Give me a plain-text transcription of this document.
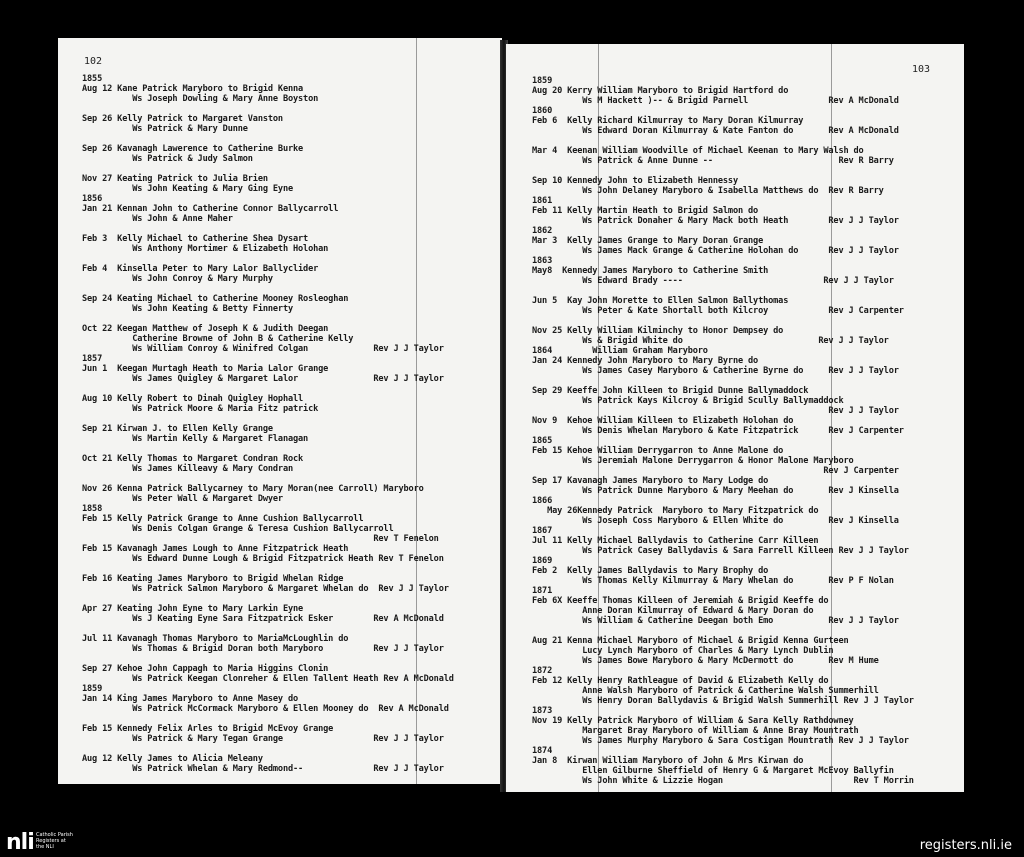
102
1855
Aug 12 Kane Patrick Maryboro to Brigid Kenna
Ws Joseph Dowling & Mary Anne Boyston
Sep 26 Kelly Patrick to Margaret Vanston
Ws Patrick & Mary Dunne
Sep 26 Kavanagh Lawerence to Catherine Burke
Ws Patrick & Judy Salmon
Nov 27 Keating Patrick to Julia Brien
Ws John Keating & Mary Ging Eyne
1856
Jan 21 Kennan John to Catherine Connor Ballycarroll
Ws John & Anne Maher
Feb 3  Kelly Michael to Catherine Shea Dysart
Ws Anthony Mortimer & Elizabeth Holohan
Feb 4  Kinsella Peter to Mary Lalor Ballyclider
Ws John Conroy & Mary Murphy
Sep 24 Keating Michael to Catherine Mooney Rosleoghan
Ws John Keating & Betty Finnerty
Oct 22 Keegan Matthew of Joseph K & Judith Deegan
Catherine Browne of John B & Catherine Kelly
Ws William Conroy & Winifred Colgan             Rev J J Taylor
1857
Jun 1  Keegan Murtagh Heath to Maria Lalor Grange
Ws James Quigley & Margaret Lalor               Rev J J Taylor
Aug 10 Kelly Robert to Dinah Quigley Hophall
Ws Patrick Moore & Maria Fitz patrick
Sep 21 Kirwan J. to Ellen Kelly Grange
Ws Martin Kelly & Margaret Flanagan
Oct 21 Kelly Thomas to Margaret Condran Rock
Ws James Killeavy & Mary Condran
Nov 26 Kenna Patrick Ballycarney to Mary Moran(nee Carroll) Maryboro
Ws Peter Wall & Margaret Dwyer
1858
Feb 15 Kelly Patrick Grange to Anne Cushion Ballycarroll
Ws Denis Colgan Grange & Teresa Cushion Ballycarroll
Rev T Fenelon
Feb 15 Kavanagh James Lough to Anne Fitzpatrick Heath
Ws Edward Dunne Lough & Brigid Fitzpatrick Heath Rev T Fenelon
Feb 16 Keating James Maryboro to Brigid Whelan Ridge
Ws Patrick Salmon Maryboro & Margaret Whelan do  Rev J J Taylor
Apr 27 Keating John Eyne to Mary Larkin Eyne
Ws J Keating Eyne Sara Fitzpatrick Esker        Rev A McDonald
Jul 11 Kavanagh Thomas Maryboro to MariaMcLoughlin do
Ws Thomas & Brigid Doran both Maryboro          Rev J J Taylor
Sep 27 Kehoe John Cappagh to Maria Higgins Clonin
Ws Patrick Keegan Clonreher & Ellen Tallent Heath Rev A McDonald
1859
Jan 14 King James Maryboro to Anne Masey do
Ws Patrick McCormack Maryboro & Ellen Mooney do  Rev A McDonald
Feb 15 Kennedy Felix Arles to Brigid McEvoy Grange
Ws Patrick & Mary Tegan Grange                  Rev J J Taylor
Aug 12 Kelly James to Alicia Meleany
Ws Patrick Whelan & Mary Redmond--              Rev J J Taylor
103
1859
Aug 20 Kerry William Maryboro to Brigid Hartford do
Ws M Hackett )-- & Brigid Parnell                Rev A McDonald
1860
Feb 6  Kelly Richard Kilmurray to Mary Doran Kilmurray
Ws Edward Doran Kilmurray & Kate Fanton do       Rev A McDonald
Mar 4  Keenan William Woodville of Michael Keenan to Mary Walsh do
Ws Patrick & Anne Dunne --                         Rev R Barry
Sep 10 Kennedy John to Elizabeth Hennessy
Ws John Delaney Maryboro & Isabella Matthews do  Rev R Barry
1861
Feb 11 Kelly Martin Heath to Brigid Salmon do
Ws Patrick Donaher & Mary Mack both Heath        Rev J J Taylor
1862
Mar 3  Kelly James Grange to Mary Doran Grange
Ws James Mack Grange & Catherine Holohan do      Rev J J Taylor
1863
May8  Kennedy James Maryboro to Catherine Smith
Ws Edward Brady ----                            Rev J J Taylor
Jun 5  Kay John Morette to Ellen Salmon Ballythomas
Ws Peter & Kate Shortall both Kilcroy            Rev J Carpenter
Nov 25 Kelly William Kilminchy to Honor Dempsey do
Ws & Brigid White do                           Rev J J Taylor
1864        William Graham Maryboro
Jan 24 Kennedy John Maryboro to Mary Byrne do
Ws James Casey Maryboro & Catherine Byrne do     Rev J J Taylor
Sep 29 Keeffe John Killeen to Brigid Dunne Ballymaddock
Ws Patrick Kays Kilcroy & Brigid Scully Ballymaddock
Rev J J Taylor
Nov 9  Kehoe William Killeen to Elizabeth Holohan do
Ws Denis Whelan Maryboro & Kate Fitzpatrick      Rev J Carpenter
1865
Feb 15 Kehoe William Derrygarron to Anne Malone do
Ws Jeremiah Malone Derrygarron & Honor Malone Maryboro
Rev J Carpenter
Sep 17 Kavanagh James Maryboro to Mary Lodge do
Ws Patrick Dunne Maryboro & Mary Meehan do       Rev J Kinsella
1866
May 26Kennedy Patrick  Maryboro to Mary Fitzpatrick do
Ws Joseph Coss Maryboro & Ellen White do         Rev J Kinsella
1867
Jul 11 Kelly Michael Ballydavis to Catherine Carr Killeen
Ws Patrick Casey Ballydavis & Sara Farrell Killeen Rev J J Taylor
1869
Feb 2  Kelly James Ballydavis to Mary Brophy do
Ws Thomas Kelly Kilmurray & Mary Whelan do       Rev P F Nolan
1871
Feb 6X Keeffe Thomas Killeen of Jeremiah & Brigid Keeffe do
Anne Doran Kilmurray of Edward & Mary Doran do
Ws William & Catherine Deegan both Emo           Rev J J Taylor
Aug 21 Kenna Michael Maryboro of Michael & Brigid Kenna Gurteen
Lucy Lynch Maryboro of Charles & Mary Lynch Dublin
Ws James Bowe Maryboro & Mary McDermott do       Rev M Hume
1872
Feb 12 Kelly Henry Rathleague of David & Elizabeth Kelly do
Anne Walsh Maryboro of Patrick & Catherine Walsh Summerhill
Ws Henry Doran Ballydavis & Brigid Walsh Summerhill Rev J J Taylor
1873
Nov 19 Kelly Patrick Maryboro of William & Sara Kelly Rathdowney
Margaret Bray Maryboro of William & Anne Bray Mountrath
Ws James Murphy Maryboro & Sara Costigan Mountrath Rev J J Taylor
1874
Jan 8  Kirwan William Maryboro of John & Mrs Kirwan do
Ellen Gilburne Sheffield of Henry G & Margaret McEvoy Ballyfin
Ws John White & Lizzie Hogan                          Rev T Morrin
nli Catholic Parish
Registers at
the NLI	registers.nli.ie
